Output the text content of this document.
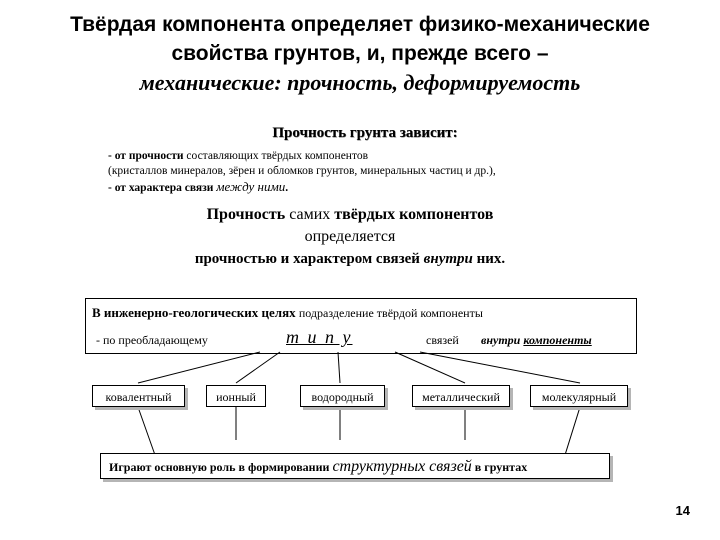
Твёрдая компонента определяет физико-механические
свойства грунтов, и, прежде всего –
механические: прочность, деформируемость
Прочность грунта зависит:
- от прочности составляющих твёрдых компонентов
(кристаллов минералов, зёрен и обломков грунтов, минеральных частиц и др.),
- от характера связи между ними.
Прочность самих твёрдых компонентов
определяется
прочностью и характером связей внутри них.
В инженерно-геологических целях подразделение твёрдой компоненты
- по преобладающему	т и п у	связей внутри компоненты
ковалентный	ионный	водородный	металлический	молекулярный
Играют основную роль в формировании структурных связей в грунтах
14
